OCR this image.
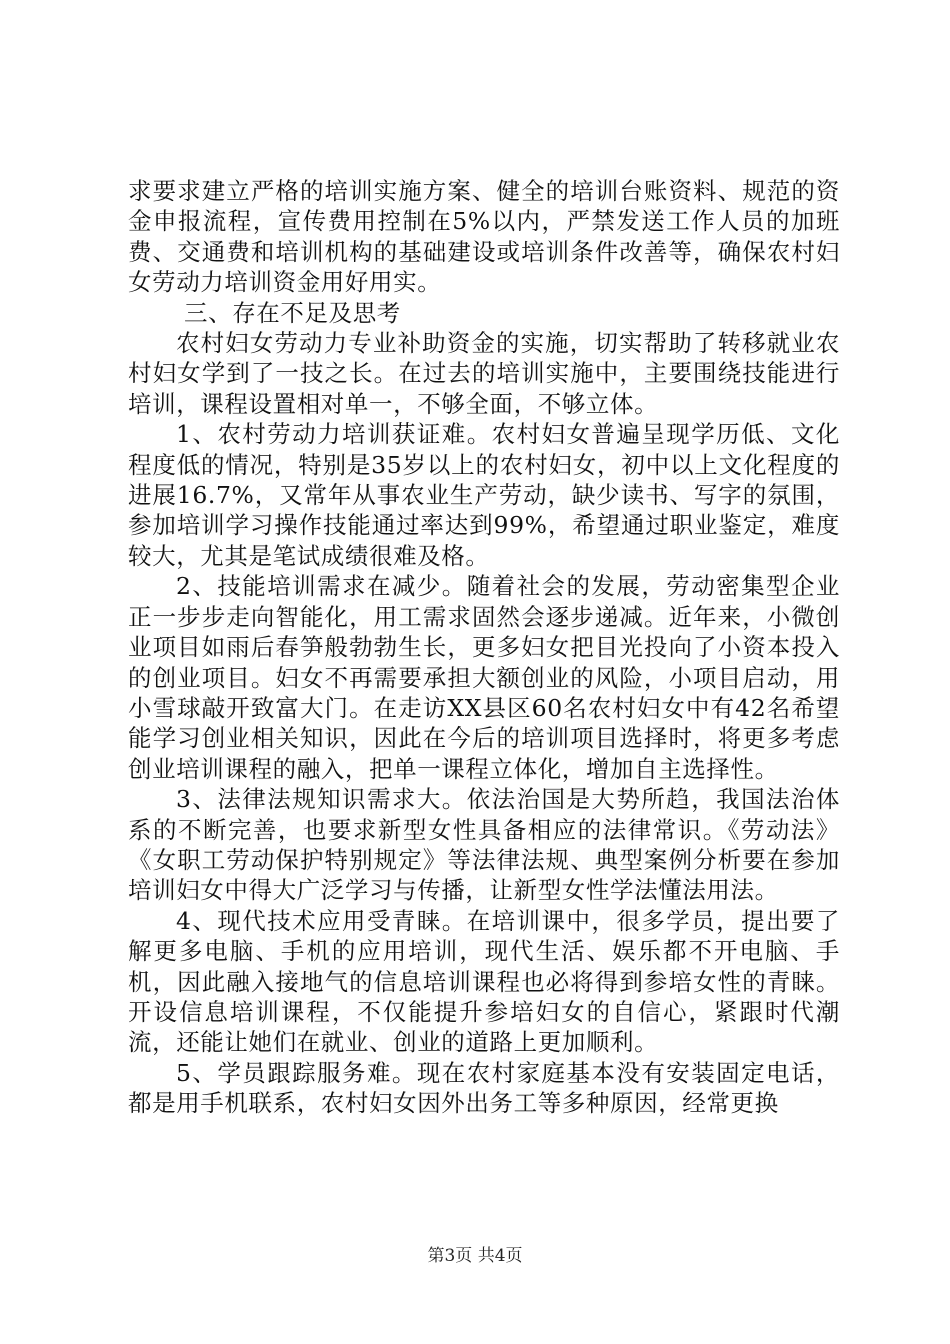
求要求建立严格的培训实施方案、健全的培训台账资料、规范的资金申报流程，宣传费用控制在5%以内，严禁发送工作人员的加班费、交通费和培训机构的基础建设或培训条件改善等，确保农村妇女劳动力培训资金用好用实。

三、存在不足及思考

农村妇女劳动力专业补助资金的实施，切实帮助了转移就业农村妇女学到了一技之长。在过去的培训实施中，主要围绕技能进行培训，课程设置相对单一，不够全面，不够立体。

1、农村劳动力培训获证难。农村妇女普遍呈现学历低、文化程度低的情况，特别是35岁以上的农村妇女，初中以上文化程度的进展16.7%，又常年从事农业生产劳动，缺少读书、写字的氛围，参加培训学习操作技能通过率达到99%，希望通过职业鉴定，难度较大，尤其是笔试成绩很难及格。

2、技能培训需求在减少。随着社会的发展，劳动密集型企业正一步步走向智能化，用工需求固然会逐步递减。近年来，小微创业项目如雨后春笋般勃勃生长，更多妇女把目光投向了小资本投入的创业项目。妇女不再需要承担大额创业的风险，小项目启动，用小雪球敲开致富大门。在走访XX县区60名农村妇女中有42名希望能学习创业相关知识，因此在今后的培训项目选择时，将更多考虑创业培训课程的融入，把单一课程立体化，增加自主选择性。

3、法律法规知识需求大。依法治国是大势所趋，我国法治体系的不断完善，也要求新型女性具备相应的法律常识。《劳动法》《女职工劳动保护特别规定》等法律法规、典型案例分析要在参加培训妇女中得大广泛学习与传播，让新型女性学法懂法用法。

4、现代技术应用受青睐。在培训课中，很多学员，提出要了解更多电脑、手机的应用培训，现代生活、娱乐都不开电脑、手机，因此融入接地气的信息培训课程也必将得到参培女性的青睐。开设信息培训课程，不仅能提升参培妇女的自信心，紧跟时代潮流，还能让她们在就业、创业的道路上更加顺利。

5、学员跟踪服务难。现在农村家庭基本没有安装固定电话，都是用手机联系，农村妇女因外出务工等多种原因，经常更换

第3页 共4页
